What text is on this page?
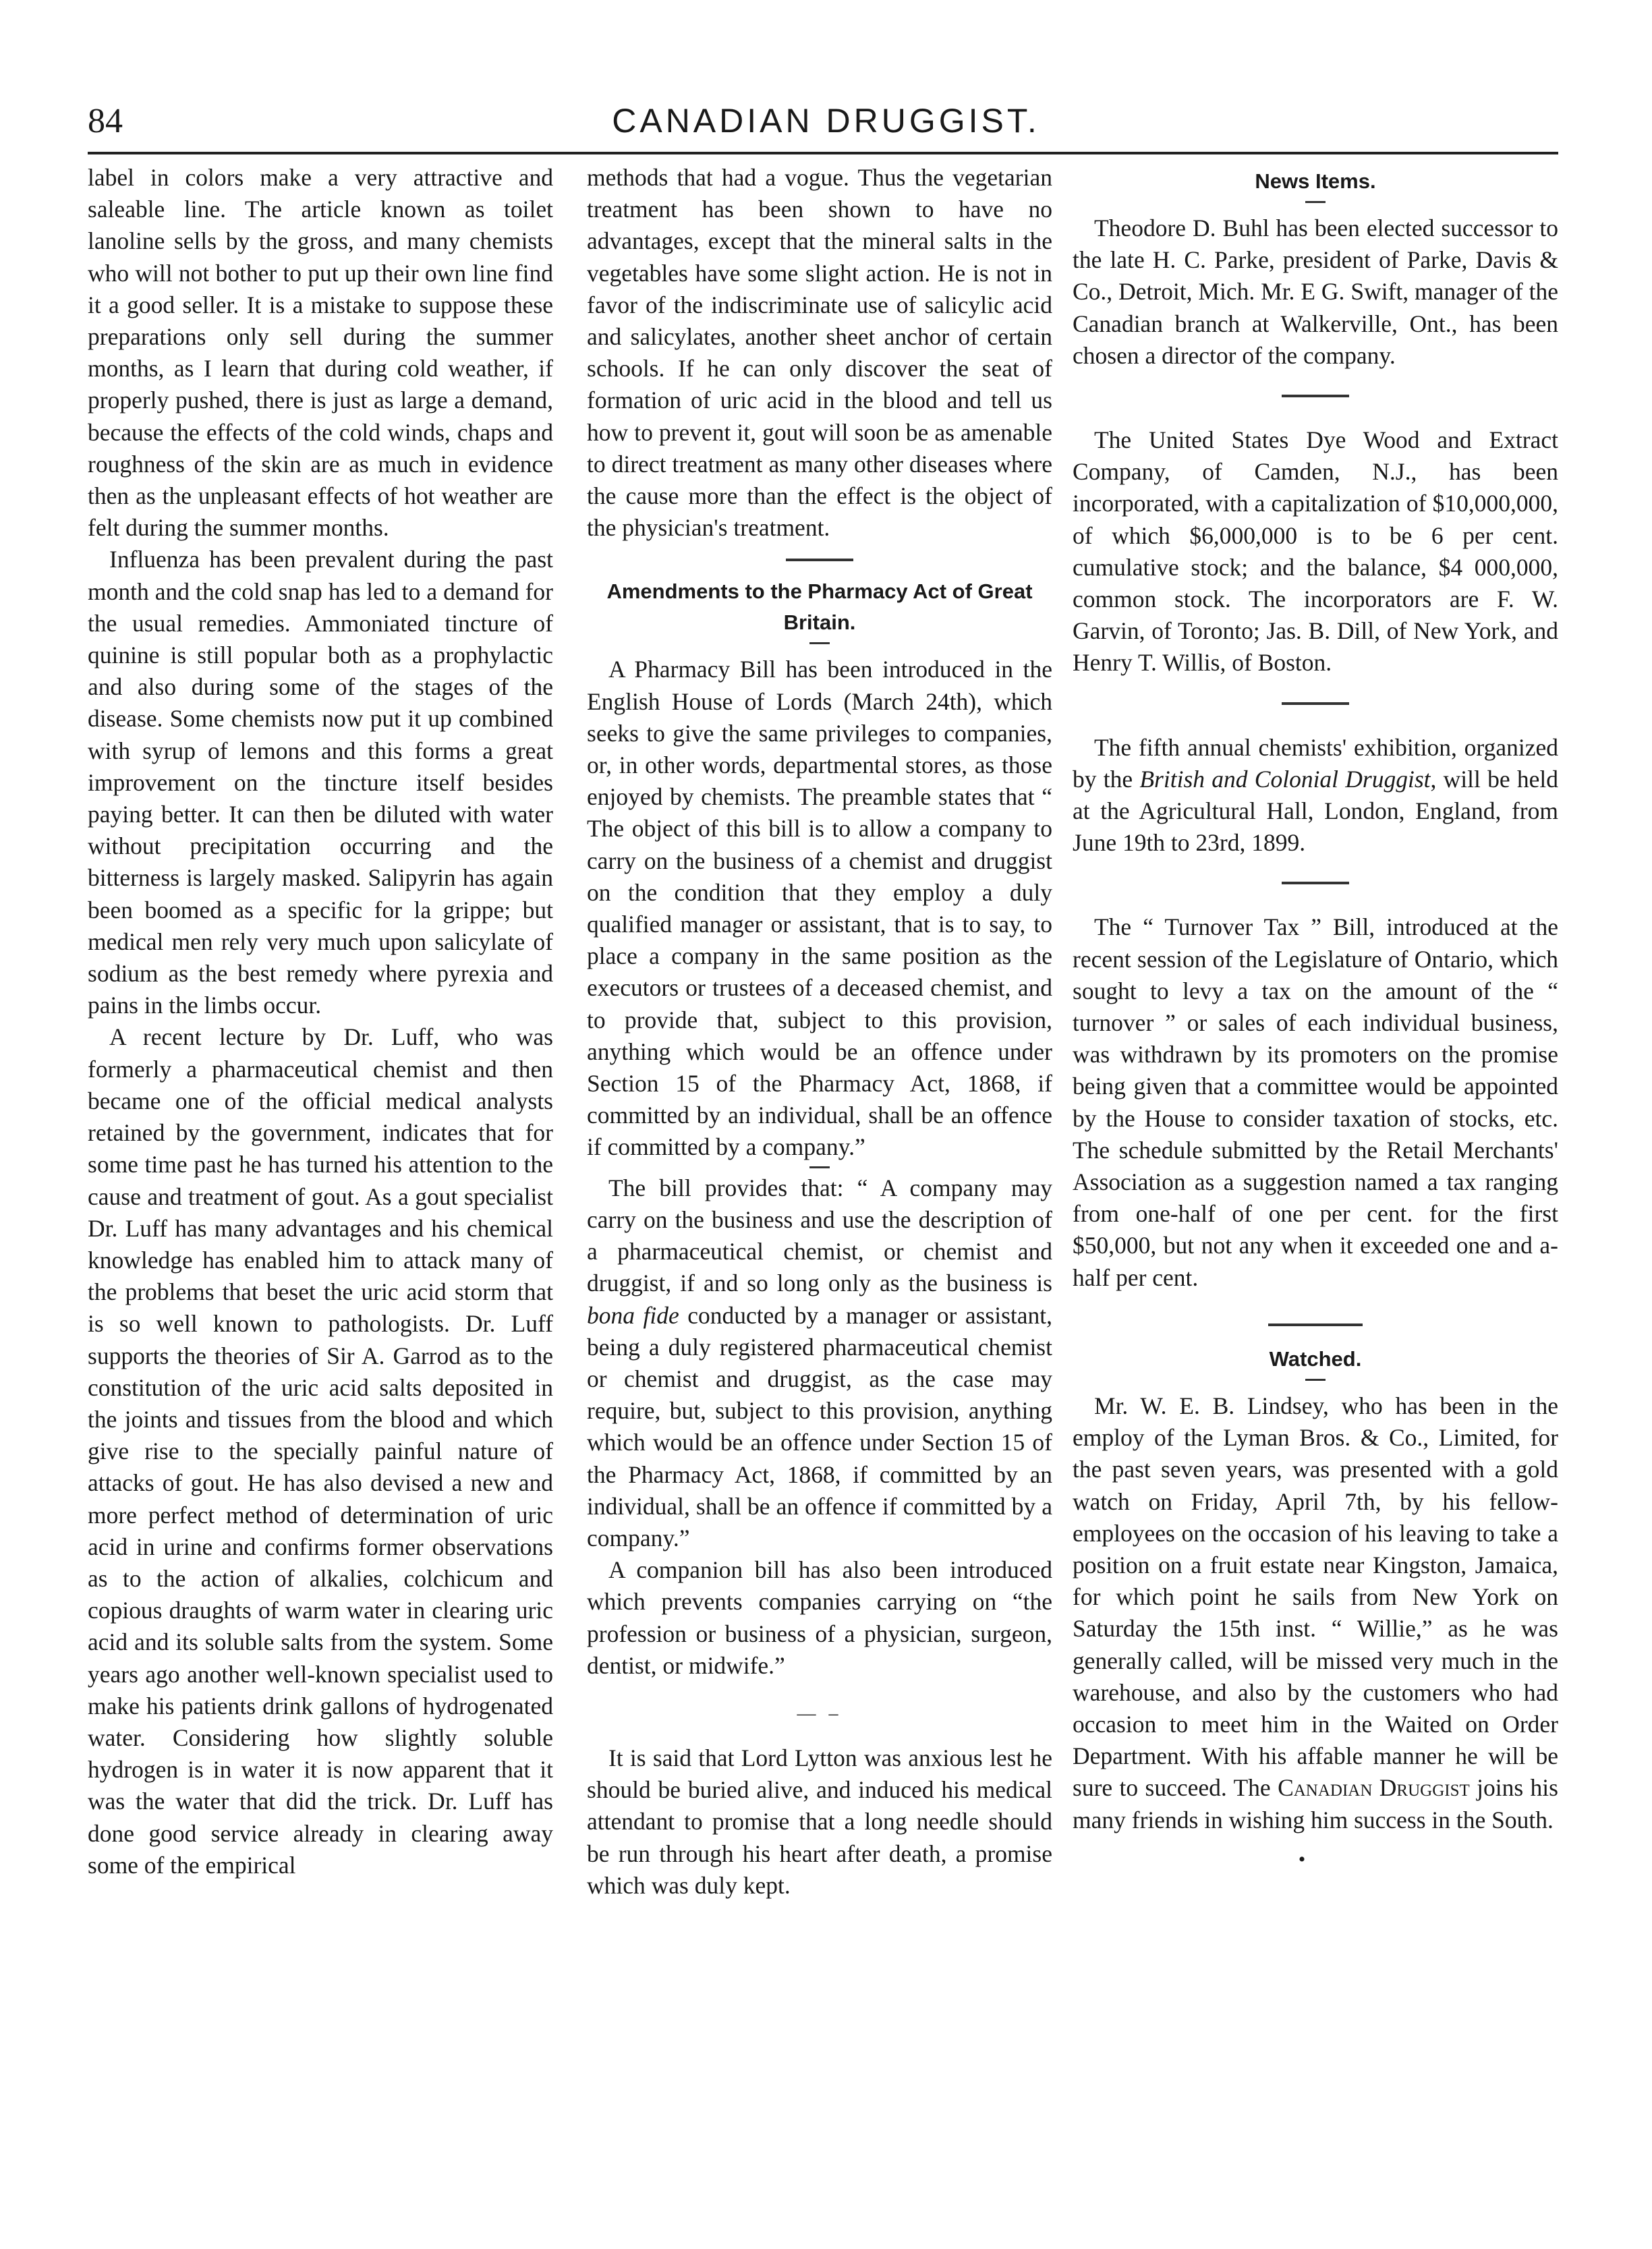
84	CANADIAN DRUGGIST.

label in colors make a very attractive and saleable line. The article known as toilet lanoline sells by the gross, and many chemists who will not bother to put up their own line find it a good seller. It is a mistake to suppose these preparations only sell during the summer months, as I learn that during cold weather, if properly pushed, there is just as large a demand, because the effects of the cold winds, chaps and roughness of the skin are as much in evidence then as the unpleasant effects of hot weather are felt during the summer months.

Influenza has been prevalent during the past month and the cold snap has led to a demand for the usual remedies. Ammoniated tincture of quinine is still popular both as a prophylactic and also during some of the stages of the disease. Some chemists now put it up combined with syrup of lemons and this forms a great improvement on the tincture itself besides paying better. It can then be diluted with water without precipitation occurring and the bitterness is largely masked. Salipyrin has again been boomed as a specific for la grippe; but medical men rely very much upon salicylate of sodium as the best remedy where pyrexia and pains in the limbs occur.

A recent lecture by Dr. Luff, who was formerly a pharmaceutical chemist and then became one of the official medical analysts retained by the government, indicates that for some time past he has turned his attention to the cause and treatment of gout. As a gout specialist Dr. Luff has many advantages and his chemical knowledge has enabled him to attack many of the problems that beset the uric acid storm that is so well known to pathologists. Dr. Luff supports the theories of Sir A. Garrod as to the constitution of the uric acid salts deposited in the joints and tissues from the blood and which give rise to the specially painful nature of attacks of gout. He has also devised a new and more perfect method of determination of uric acid in urine and confirms former observations as to the action of alkalies, colchicum and copious draughts of warm water in clearing uric acid and its soluble salts from the system. Some years ago another well-known specialist used to make his patients drink gallons of hydrogenated water. Considering how slightly soluble hydrogen is in water it is now apparent that it was the water that did the trick. Dr. Luff has done good service already in clearing away some of the empirical

methods that had a vogue. Thus the vegetarian treatment has been shown to have no advantages, except that the mineral salts in the vegetables have some slight action. He is not in favor of the indiscriminate use of salicylic acid and salicylates, another sheet anchor of certain schools. If he can only discover the seat of formation of uric acid in the blood and tell us how to prevent it, gout will soon be as amenable to direct treatment as many other diseases where the cause more than the effect is the object of the physician's treatment.

Amendments to the Pharmacy Act of Great Britain.

A Pharmacy Bill has been introduced in the English House of Lords (March 24th), which seeks to give the same privileges to companies, or, in other words, departmental stores, as those enjoyed by chemists. The preamble states that “ The object of this bill is to allow a company to carry on the business of a chemist and druggist on the condition that they employ a duly qualified manager or assistant, that is to say, to place a company in the same position as the executors or trustees of a deceased chemist, and to provide that, subject to this provision, anything which would be an offence under Section 15 of the Pharmacy Act, 1868, if committed by an individual, shall be an offence if committed by a company.”

The bill provides that: “ A company may carry on the business and use the description of a pharmaceutical chemist, or chemist and druggist, if and so long only as the business is bona fide conducted by a manager or assistant, being a duly registered pharmaceutical chemist or chemist and druggist, as the case may require, but, subject to this provision, anything which would be an offence under Section 15 of the Pharmacy Act, 1868, if committed by an individual, shall be an offence if committed by a company.”

A companion bill has also been introduced which prevents companies carrying on “the profession or business of a physician, surgeon, dentist, or midwife.”

— –

It is said that Lord Lytton was anxious lest he should be buried alive, and induced his medical attendant to promise that a long needle should be run through his heart after death, a promise which was duly kept.

News Items.

Theodore D. Buhl has been elected successor to the late H. C. Parke, president of Parke, Davis & Co., Detroit, Mich. Mr. E G. Swift, manager of the Canadian branch at Walkerville, Ont., has been chosen a director of the company.

The United States Dye Wood and Extract Company, of Camden, N.J., has been incorporated, with a capitalization of $10,000,000, of which $6,000,000 is to be 6 per cent. cumulative stock; and the balance, $4 000,000, common stock. The incorporators are F. W. Garvin, of Toronto; Jas. B. Dill, of New York, and Henry T. Willis, of Boston.

The fifth annual chemists' exhibition, organized by the British and Colonial Druggist, will be held at the Agricultural Hall, London, England, from June 19th to 23rd, 1899.

The “ Turnover Tax ” Bill, introduced at the recent session of the Legislature of Ontario, which sought to levy a tax on the amount of the “ turnover ” or sales of each individual business, was withdrawn by its promoters on the promise being given that a committee would be appointed by the House to consider taxation of stocks, etc. The schedule submitted by the Retail Merchants' Association as a suggestion named a tax ranging from one-half of one per cent. for the first $50,000, but not any when it exceeded one and a-half per cent.

Watched.

Mr. W. E. B. Lindsey, who has been in the employ of the Lyman Bros. & Co., Limited, for the past seven years, was presented with a gold watch on Friday, April 7th, by his fellow-employees on the occasion of his leaving to take a position on a fruit estate near Kingston, Jamaica, for which point he sails from New York on Saturday the 15th inst. “ Willie,” as he was generally called, will be missed very much in the warehouse, and also by the customers who had occasion to meet him in the Waited on Order Department. With his affable manner he will be sure to succeed. The Canadian Druggist joins his many friends in wishing him success in the South.

•
